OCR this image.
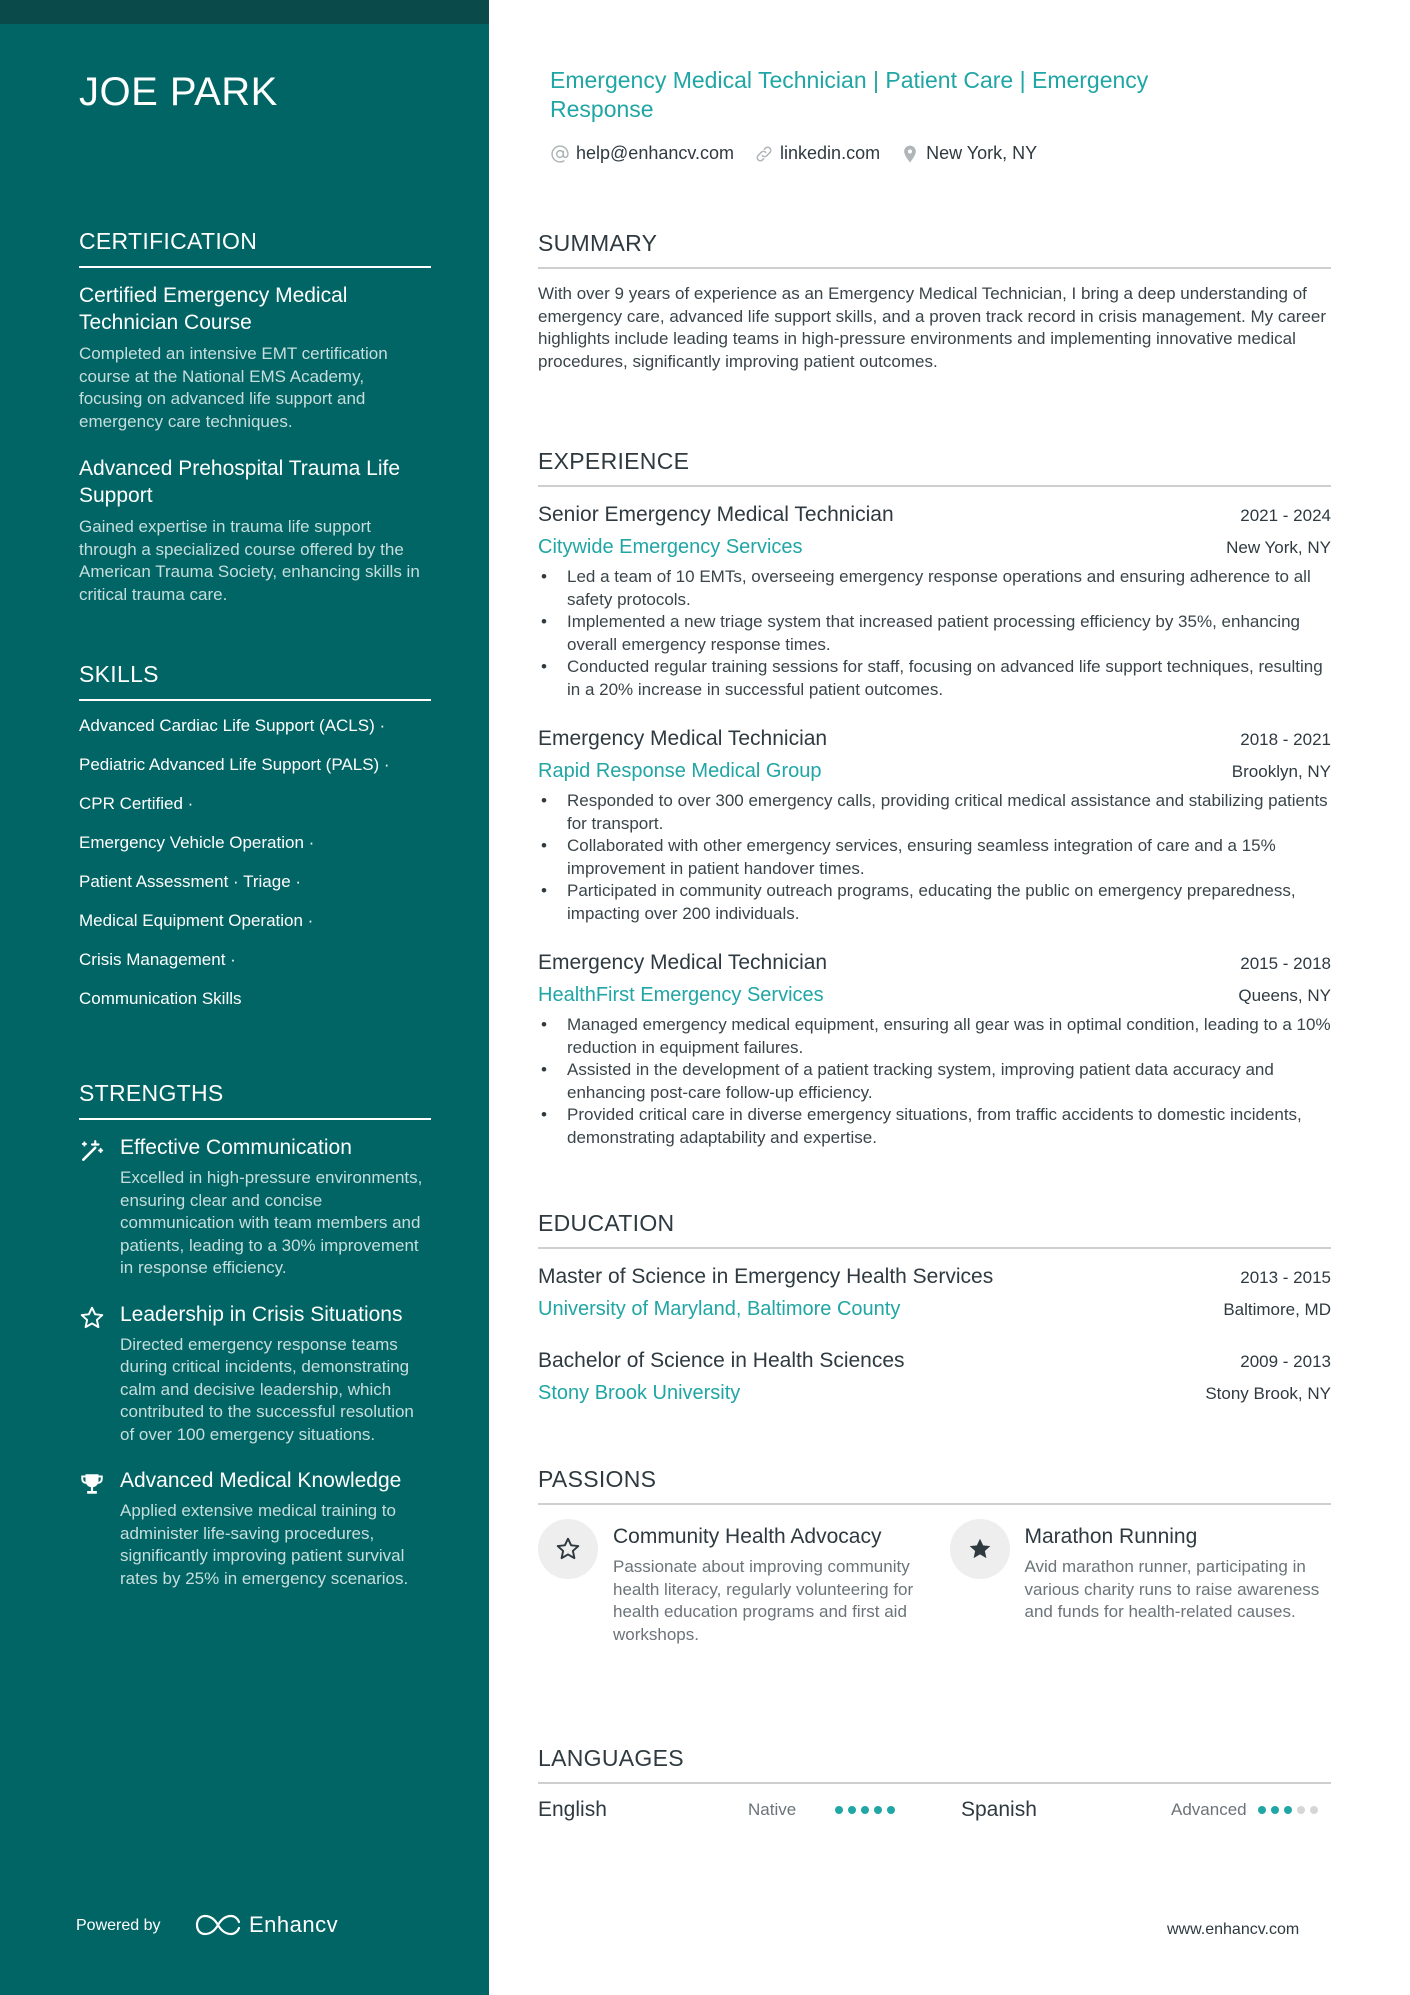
JOE PARK
CERTIFICATION
Certified Emergency Medical Technician Course
Completed an intensive EMT certification course at the National EMS Academy, focusing on advanced life support and emergency care techniques.
Advanced Prehospital Trauma Life Support
Gained expertise in trauma life support through a specialized course offered by the American Trauma Society, enhancing skills in critical trauma care.
SKILLS
Advanced Cardiac Life Support (ACLS) ·
Pediatric Advanced Life Support (PALS) ·
CPR Certified ·
Emergency Vehicle Operation ·
Patient Assessment · Triage ·
Medical Equipment Operation ·
Crisis Management ·
Communication Skills
STRENGTHS
Effective Communication
Excelled in high-pressure environments, ensuring clear and concise communication with team members and patients, leading to a 30% improvement in response efficiency.
Leadership in Crisis Situations
Directed emergency response teams during critical incidents, demonstrating calm and decisive leadership, which contributed to the successful resolution of over 100 emergency situations.
Advanced Medical Knowledge
Applied extensive medical training to administer life-saving procedures, significantly improving patient survival rates by 25% in emergency scenarios.
Powered by	Enhancv
Emergency Medical Technician | Patient Care | Emergency Response
help@enhancv.com	linkedin.com	New York, NY
SUMMARY
With over 9 years of experience as an Emergency Medical Technician, I bring a deep understanding of emergency care, advanced life support skills, and a proven track record in crisis management. My career highlights include leading teams in high-pressure environments and implementing innovative medical procedures, significantly improving patient outcomes.
EXPERIENCE
Senior Emergency Medical Technician	2021 - 2024
Citywide Emergency Services	New York, NY
• Led a team of 10 EMTs, overseeing emergency response operations and ensuring adherence to all safety protocols.
• Implemented a new triage system that increased patient processing efficiency by 35%, enhancing overall emergency response times.
• Conducted regular training sessions for staff, focusing on advanced life support techniques, resulting in a 20% increase in successful patient outcomes.
Emergency Medical Technician	2018 - 2021
Rapid Response Medical Group	Brooklyn, NY
• Responded to over 300 emergency calls, providing critical medical assistance and stabilizing patients for transport.
• Collaborated with other emergency services, ensuring seamless integration of care and a 15% improvement in patient handover times.
• Participated in community outreach programs, educating the public on emergency preparedness, impacting over 200 individuals.
Emergency Medical Technician	2015 - 2018
HealthFirst Emergency Services	Queens, NY
• Managed emergency medical equipment, ensuring all gear was in optimal condition, leading to a 10% reduction in equipment failures.
• Assisted in the development of a patient tracking system, improving patient data accuracy and enhancing post-care follow-up efficiency.
• Provided critical care in diverse emergency situations, from traffic accidents to domestic incidents, demonstrating adaptability and expertise.
EDUCATION
Master of Science in Emergency Health Services	2013 - 2015
University of Maryland, Baltimore County	Baltimore, MD
Bachelor of Science in Health Sciences	2009 - 2013
Stony Brook University	Stony Brook, NY
PASSIONS
Community Health Advocacy
Passionate about improving community health literacy, regularly volunteering for health education programs and first aid workshops.
Marathon Running
Avid marathon runner, participating in various charity runs to raise awareness and funds for health-related causes.
LANGUAGES
English	Native	Spanish	Advanced
www.enhancv.com
